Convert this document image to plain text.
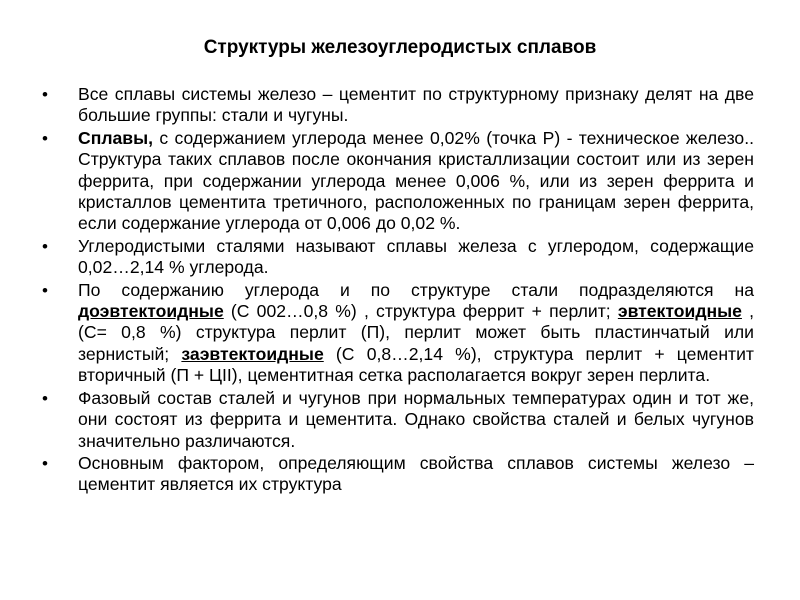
Структуры железоуглеродистых сплавов
•	Все сплавы системы железо – цементит по структурному признаку делят на две большие группы: стали и чугуны.
•	Сплавы, с содержанием углерода менее 0,02% (точка Р) - техническое железо.. Структура таких сплавов после окончания кристаллизации состоит или из зерен феррита, при содержании углерода менее 0,006 %, или из зерен феррита и кристаллов цементита третичного, расположенных по границам зерен феррита, если содержание углерода от 0,006 до 0,02 %.
•	Углеродистыми сталями называют сплавы железа с углеродом, содержащие 0,02…2,14 % углерода.
•	По содержанию углерода и по структуре стали подразделяются на доэвтектоидные (С 002…0,8 %) , структура феррит + перлит; эвтектоидные , (С= 0,8 %) структура перлит (П), перлит может быть пластинчатый или зернистый; заэвтектоидные (С 0,8…2,14 %), структура перлит + цементит вторичный (П + ЦII), цементитная сетка располагается вокруг зерен перлита.
•	Фазовый состав сталей и чугунов при нормальных температурах один и тот же, они состоят из феррита и цементита. Однако свойства сталей и белых чугунов значительно различаются.
•	Основным фактором, определяющим свойства сплавов системы железо – цементит является их структура
